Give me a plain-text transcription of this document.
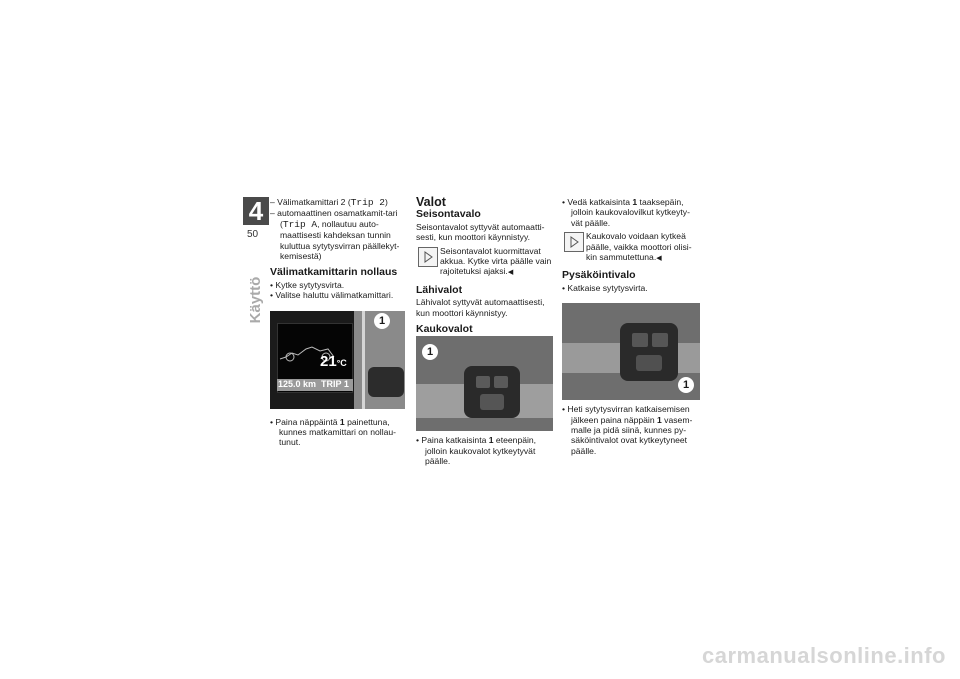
4
50
Käyttö

– Välimatkamittari 2 (Trip 2)

– automaattinen osamatkamit-tari (Trip A, nollautuu auto-maattisesti kahdeksan tunnin kuluttua sytytysvirran päällekyt-kemisestä)

Välimatkamittarin nollaus

• Kytke sytytysvirta.

• Valitse haluttu välimatkamittari.

21°C
125.0 km TRIP 1
1

• Paina näppäintä 1 painettuna, kunnes matkamittari on nollau-tunut.

Valot
Seisontavalo

Seisontavalot syttyvät automaatti-sesti, kun moottori käynnistyy.

Seisontavalot kuormittavat akkua. Kytke virta päälle vain rajoitetuksi ajaksi.◀
Lähivalot

Lähivalot syttyvät automaattisesti, kun moottori käynnistyy.

Kaukovalot
1

• Paina katkaisinta 1 eteenpäin, jolloin kaukovalot kytkeytyvät päälle.

• Vedä katkaisinta 1 taaksepäin, jolloin kaukovalovilkut kytkeyty-vät päälle.

Kaukovalo voidaan kytkeä päälle, vaikka moottori olisi-kin sammutettuna.◀
Pysäköintivalo

• Katkaise sytytysvirta.

1

• Heti sytytysvirran katkaisemisen jälkeen paina näppäin 1 vasem-malle ja pidä siinä, kunnes py-säköintivalot ovat kytkeytyneet päälle.

carmanualsonline.info
